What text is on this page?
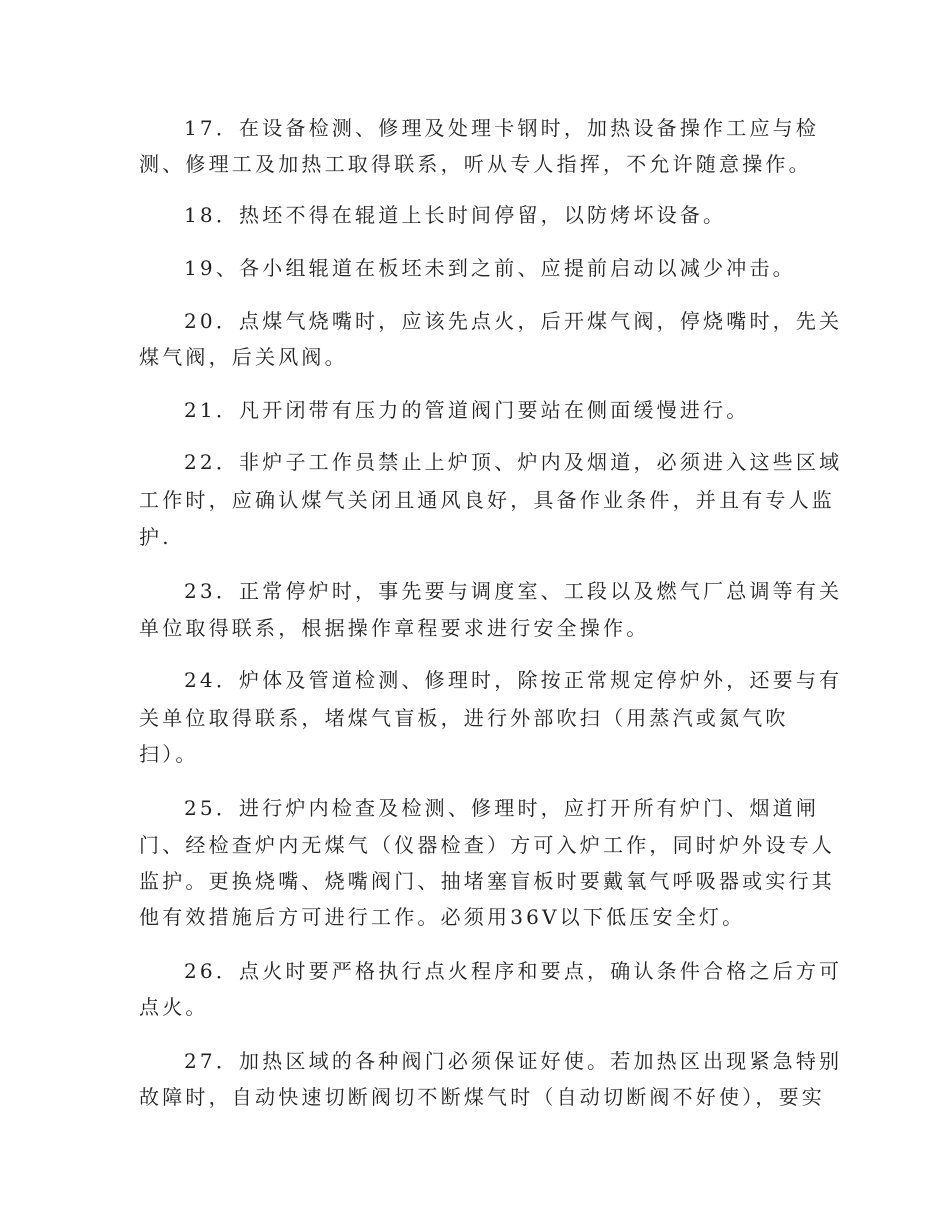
17．在设备检测、修理及处理卡钢时，加热设备操作工应与检
测、修理工及加热工取得联系，听从专人指挥，不允许随意操作。
18．热坯不得在辊道上长时间停留，以防烤坏设备。
19、各小组辊道在板坯未到之前、应提前启动以减少冲击。
20．点煤气烧嘴时，应该先点火，后开煤气阀，停烧嘴时，先关
煤气阀，后关风阀。
21．凡开闭带有压力的管道阀门要站在侧面缓慢进行。
22．非炉子工作员禁止上炉顶、炉内及烟道，必须进入这些区域
工作时，应确认煤气关闭且通风良好，具备作业条件，并且有专人监
护.
23．正常停炉时，事先要与调度室、工段以及燃气厂总调等有关
单位取得联系，根据操作章程要求进行安全操作。
24．炉体及管道检测、修理时，除按正常规定停炉外，还要与有
关单位取得联系，堵煤气盲板，进行外部吹扫（用蒸汽或氮气吹
扫）。
25．进行炉内检查及检测、修理时，应打开所有炉门、烟道闸
门、经检查炉内无煤气（仪器检查）方可入炉工作，同时炉外设专人
监护。更换烧嘴、烧嘴阀门、抽堵塞盲板时要戴氧气呼吸器或实行其
他有效措施后方可进行工作。必须用36V以下低压安全灯。
26．点火时要严格执行点火程序和要点，确认条件合格之后方可
点火。
27．加热区域的各种阀门必须保证好使。若加热区出现紧急特别
故障时，自动快速切断阀切不断煤气时（自动切断阀不好使），要实
